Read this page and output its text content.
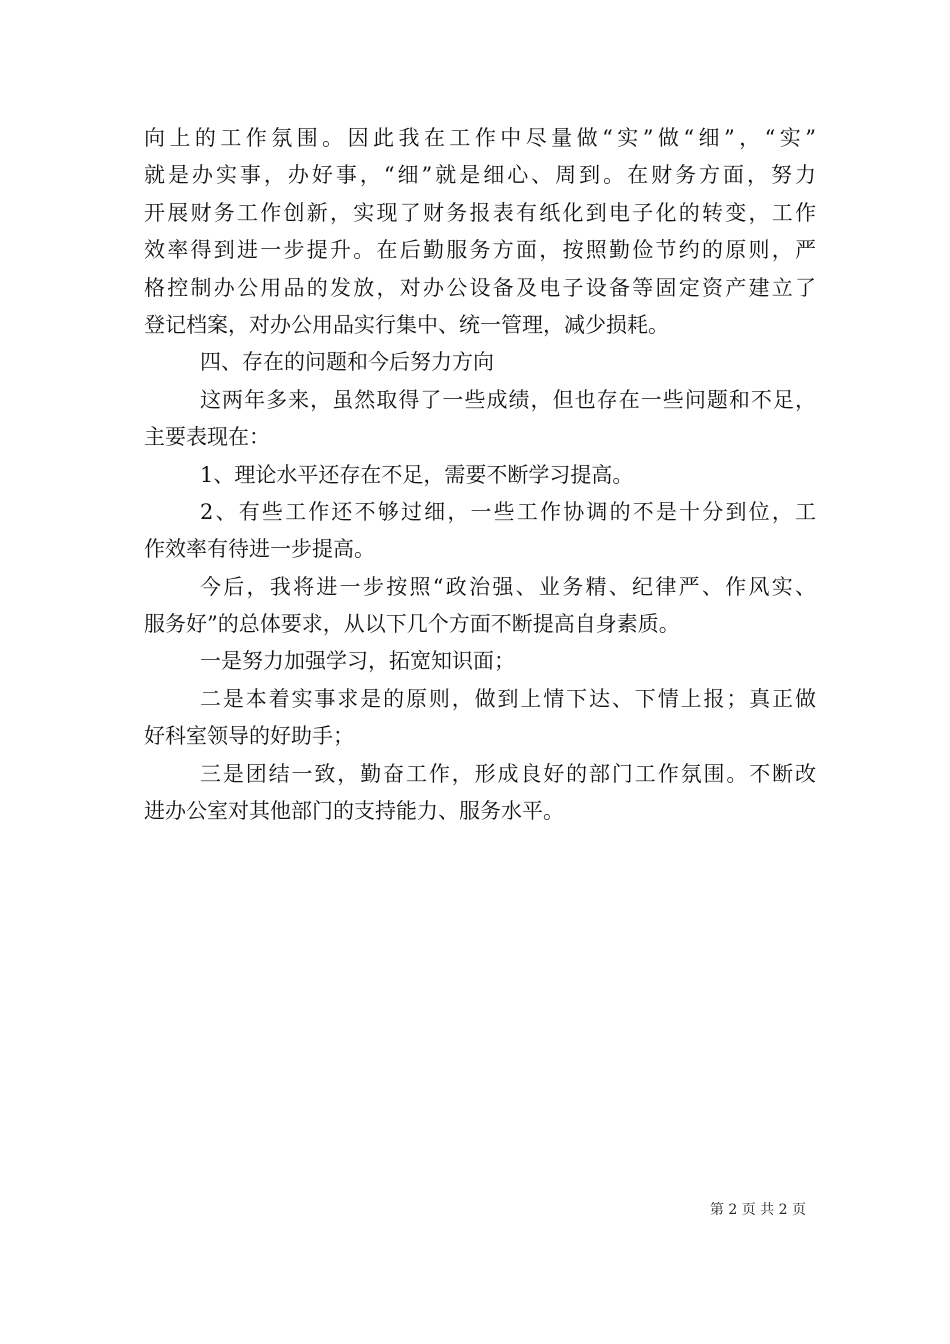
向上的工作氛围。因此我在工作中尽量做“实”做“细”，“实”
就是办实事，办好事，“细”就是细心、周到。在财务方面，努力
开展财务工作创新，实现了财务报表有纸化到电子化的转变，工作
效率得到进一步提升。在后勤服务方面，按照勤俭节约的原则，严
格控制办公用品的发放，对办公设备及电子设备等固定资产建立了
登记档案，对办公用品实行集中、统一管理，减少损耗。
四、存在的问题和今后努力方向
这两年多来，虽然取得了一些成绩，但也存在一些问题和不足，
主要表现在：
1、理论水平还存在不足，需要不断学习提高。
2、有些工作还不够过细，一些工作协调的不是十分到位，工
作效率有待进一步提高。
今后，我将进一步按照“政治强、业务精、纪律严、作风实、
服务好”的总体要求，从以下几个方面不断提高自身素质。
一是努力加强学习，拓宽知识面；
二是本着实事求是的原则，做到上情下达、下情上报；真正做
好科室领导的好助手；
三是团结一致，勤奋工作，形成良好的部门工作氛围。不断改
进办公室对其他部门的支持能力、服务水平。
第 2 页 共 2 页
